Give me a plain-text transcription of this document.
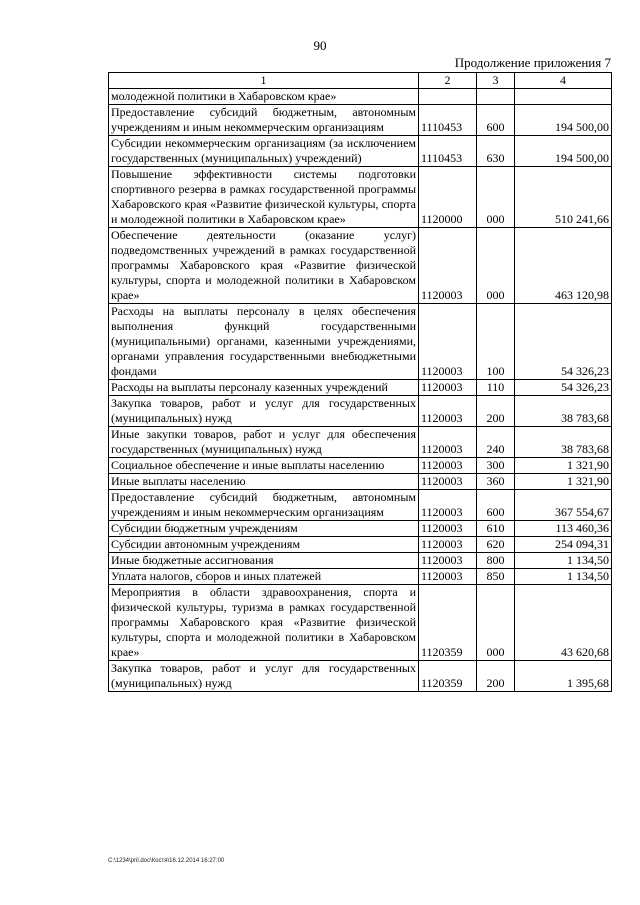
90
Продолжение приложения 7
1	2	3	4
молодежной политики в Хабаровском крае»			
Предоставление субсидий бюджетным, автономным учреждениям и иным некоммерческим организациям	1110453	600	194 500,00
Субсидии некоммерческим организациям (за исключением государственных (муниципальных) учреждений)	1110453	630	194 500,00
Повышение эффективности системы подготовки спортивного резерва в рамках государственной программы Хабаровского края «Развитие физической культуры, спорта и молодежной политики в Хабаровском крае»	1120000	000	510 241,66
Обеспечение деятельности (оказание услуг) подведомственных учреждений в рамках государственной программы Хабаровского края «Развитие физической культуры, спорта и молодежной политики в Хабаровском крае»	1120003	000	463 120,98
Расходы на выплаты персоналу в целях обеспечения выполнения функций государственными (муниципальными) органами, казенными учреждениями, органами управления государственными внебюджетными фондами	1120003	100	54 326,23
Расходы на выплаты персоналу казенных учреждений	1120003	110	54 326,23
Закупка товаров, работ и услуг для государственных (муниципальных) нужд	1120003	200	38 783,68
Иные закупки товаров, работ и услуг для обеспечения государственных (муниципальных) нужд	1120003	240	38 783,68
Социальное обеспечение и иные выплаты населению	1120003	300	1 321,90
Иные выплаты населению	1120003	360	1 321,90
Предоставление субсидий бюджетным, автономным учреждениям и иным некоммерческим организациям	1120003	600	367 554,67
Субсидии бюджетным учреждениям	1120003	610	113 460,36
Субсидии автономным учреждениям	1120003	620	254 094,31
Иные бюджетные ассигнования	1120003	800	1 134,50
Уплата налогов, сборов и иных платежей	1120003	850	1 134,50
Мероприятия в области здравоохранения, спорта и физической культуры, туризма в рамках государственной программы Хабаровского края «Развитие физической культуры, спорта и молодежной политики в Хабаровском крае»	1120359	000	43 620,68
Закупка товаров, работ и услуг для государственных (муниципальных) нужд	1120359	200	1 395,68
C:\1234\pril.doc\Костя\16.12.2014 16:27:00
